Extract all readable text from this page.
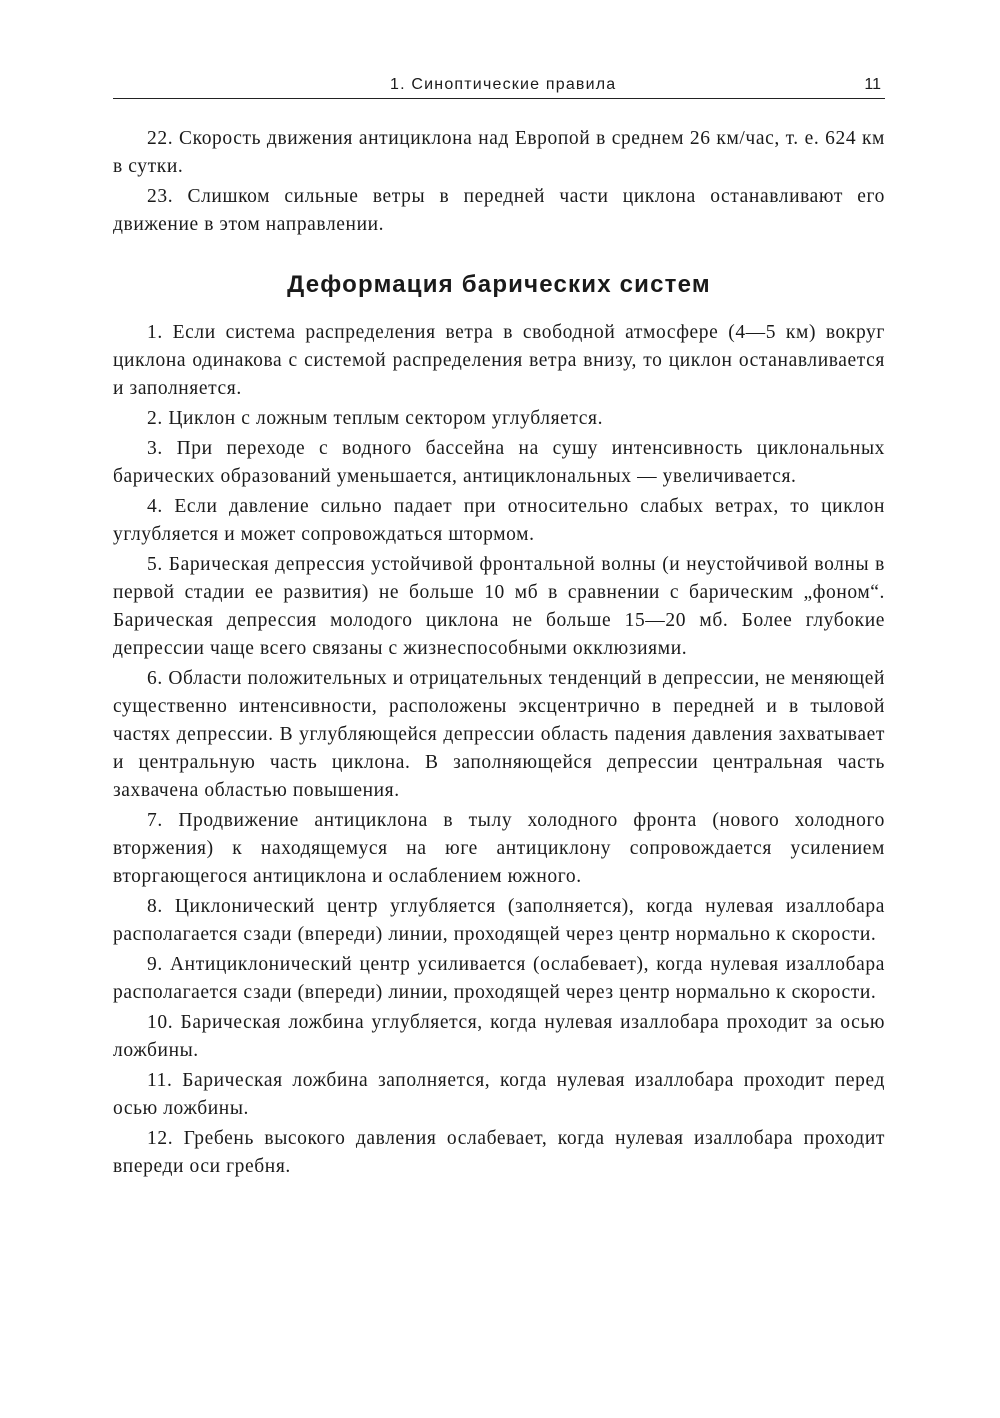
1. Синоптические правила	11

22. Скорость движения антициклона над Европой в среднем 26 км/час, т. е. 624 км в сутки.

23. Слишком сильные ветры в передней части циклона останавливают его движение в этом направлении.

Деформация барических систем

1. Если система распределения ветра в свободной атмосфере (4—5 км) вокруг циклона одинакова с системой распределения ветра внизу, то циклон останавливается и заполняется.

2. Циклон с ложным теплым сектором углубляется.

3. При переходе с водного бассейна на сушу интенсивность циклональных барических образований уменьшается, антициклональных — увеличивается.

4. Если давление сильно падает при относительно слабых ветрах, то циклон углубляется и может сопровождаться штормом.

5. Барическая депрессия устойчивой фронтальной волны (и неустойчивой волны в первой стадии ее развития) не больше 10 мб в сравнении с барическим „фоном“. Барическая депрессия молодого циклона не больше 15—20 мб. Более глубокие депрессии чаще всего связаны с жизнеспособными окклюзиями.

6. Области положительных и отрицательных тенденций в депрессии, не меняющей существенно интенсивности, расположены эксцентрично в передней и в тыловой частях депрессии. В углубляющейся депрессии область падения давления захватывает и центральную часть циклона. В заполняющейся депрессии центральная часть захвачена областью повышения.

7. Продвижение антициклона в тылу холодного фронта (нового холодного вторжения) к находящемуся на юге антициклону сопровождается усилением вторгающегося антициклона и ослаблением южного.

8. Циклонический центр углубляется (заполняется), когда нулевая изаллобара располагается сзади (впереди) линии, проходящей через центр нормально к скорости.

9. Антициклонический центр усиливается (ослабевает), когда нулевая изаллобара располагается сзади (впереди) линии, проходящей через центр нормально к скорости.

10. Барическая ложбина углубляется, когда нулевая изаллобара проходит за осью ложбины.

11. Барическая ложбина заполняется, когда нулевая изаллобара проходит перед осью ложбины.

12. Гребень высокого давления ослабевает, когда нулевая изаллобара проходит впереди оси гребня.
